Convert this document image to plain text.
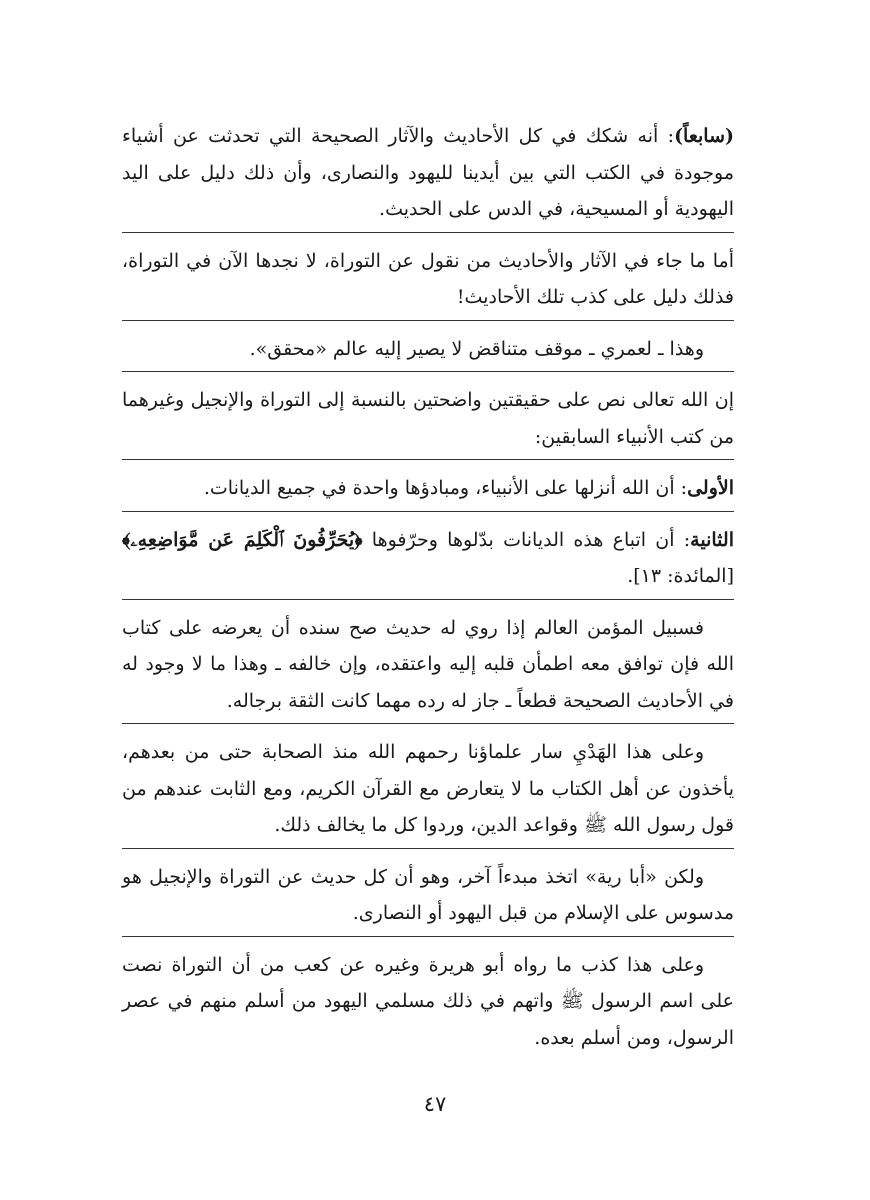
(سابعاً): أنه شكك في كل الأحاديث والآثار الصحيحة التي تحدثت عن أشياء موجودة في الكتب التي بين أيدينا لليهود والنصارى، وأن ذلك دليل على اليد اليهودية أو المسيحية، في الدس على الحديث.

أما ما جاء في الآثار والأحاديث من نقول عن التوراة، لا نجدها الآن في التوراة، فذلك دليل على كذب تلك الأحاديث!

وهذا ـ لعمري ـ موقف متناقض لا يصير إليه عالم «محقق».

إن الله تعالى نص على حقيقتين واضحتين بالنسبة إلى التوراة والإنجيل وغيرهما من كتب الأنبياء السابقين:

الأولى: أن الله أنزلها على الأنبياء، ومبادؤها واحدة في جميع الديانات.

الثانية: أن اتباع هذه الديانات بدّلوها وحرّفوها ﴿يُحَرِّفُونَ ٱلْكَلِمَ عَن مَّوَاضِعِهِۦ﴾ [المائدة: ١٣].

فسبيل المؤمن العالم إذا روي له حديث صح سنده أن يعرضه على كتاب الله فإن توافق معه اطمأن قلبه إليه واعتقده، وإن خالفه ـ وهذا ما لا وجود له في الأحاديث الصحيحة قطعاً ـ جاز له رده مهما كانت الثقة برجاله.

وعلى هذا الهَدْيِ سار علماؤنا رحمهم الله منذ الصحابة حتى من بعدهم، يأخذون عن أهل الكتاب ما لا يتعارض مع القرآن الكريم، ومع الثابت عندهم من قول رسول الله ﷺ وقواعد الدين، وردوا كل ما يخالف ذلك.

ولكن «أبا رية» اتخذ مبدءاً آخر، وهو أن كل حديث عن التوراة والإنجيل هو مدسوس على الإسلام من قبل اليهود أو النصارى.

وعلى هذا كذب ما رواه أبو هريرة وغيره عن كعب من أن التوراة نصت على اسم الرسول ﷺ واتهم في ذلك مسلمي اليهود من أسلم منهم في عصر الرسول، ومن أسلم بعده.

٤٧
